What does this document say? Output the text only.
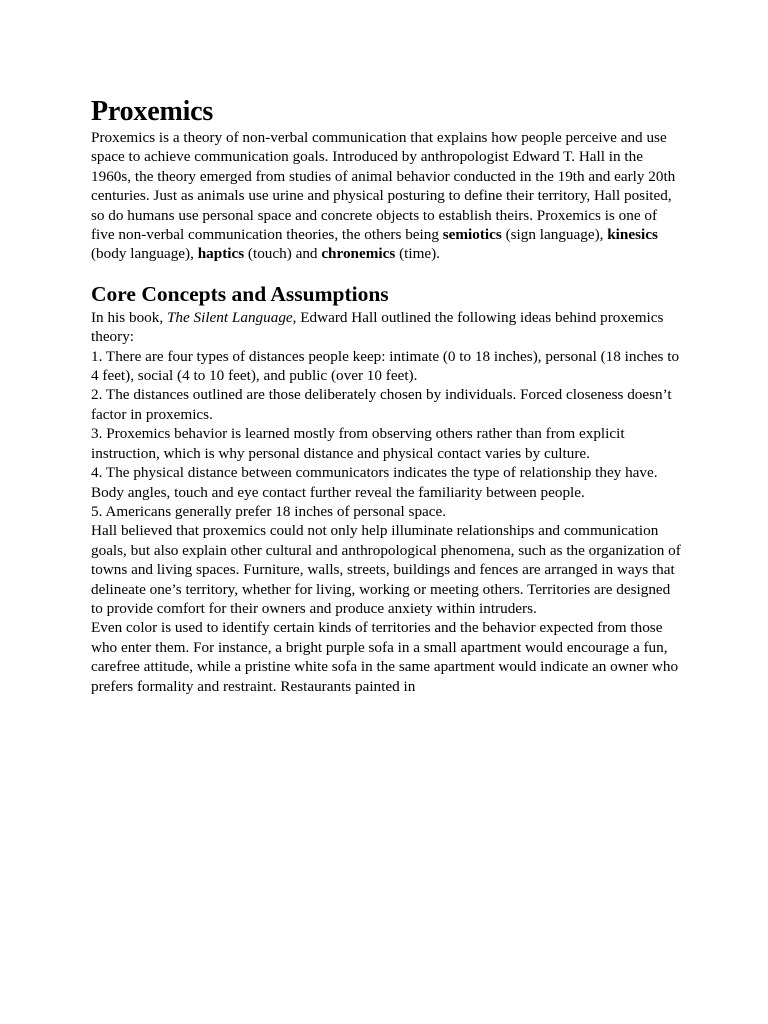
Proxemics

Proxemics is a theory of non-verbal communication that explains how people perceive and use space to achieve communication goals. Introduced by anthropologist Edward T. Hall in the 1960s, the theory emerged from studies of animal behavior conducted in the 19th and early 20th centuries. Just as animals use urine and physical posturing to define their territory, Hall posited, so do humans use personal space and concrete objects to establish theirs. Proxemics is one of five non-verbal communication theories, the others being semiotics (sign language), kinesics (body language), haptics (touch) and chronemics (time).

Core Concepts and Assumptions

In his book, The Silent Language, Edward Hall outlined the following ideas behind proxemics theory:

1. There are four types of distances people keep: intimate (0 to 18 inches), personal (18 inches to 4 feet), social (4 to 10 feet), and public (over 10 feet).

2. The distances outlined are those deliberately chosen by individuals. Forced closeness doesn’t factor in proxemics.

3. Proxemics behavior is learned mostly from observing others rather than from explicit instruction, which is why personal distance and physical contact varies by culture.

4. The physical distance between communicators indicates the type of relationship they have. Body angles, touch and eye contact further reveal the familiarity between people.

5. Americans generally prefer 18 inches of personal space.

Hall believed that proxemics could not only help illuminate relationships and communication goals, but also explain other cultural and anthropological phenomena, such as the organization of towns and living spaces. Furniture, walls, streets, buildings and fences are arranged in ways that delineate one’s territory, whether for living, working or meeting others. Territories are designed to provide comfort for their owners and produce anxiety within intruders.

Even color is used to identify certain kinds of territories and the behavior expected from those who enter them. For instance, a bright purple sofa in a small apartment would encourage a fun, carefree attitude, while a pristine white sofa in the same apartment would indicate an owner who prefers formality and restraint. Restaurants painted in
